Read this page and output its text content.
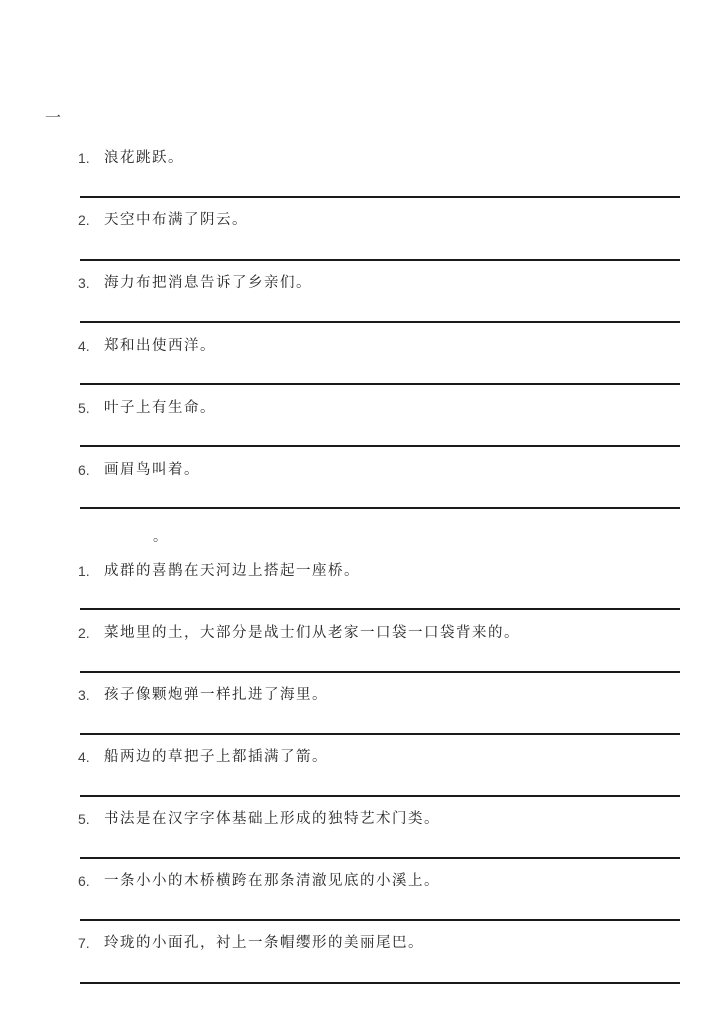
一
1. 浪花跳跃。
2. 天空中布满了阴云。
3. 海力布把消息告诉了乡亲们。
4. 郑和出使西洋。
5. 叶子上有生命。
6. 画眉鸟叫着。
。
1. 成群的喜鹊在天河边上搭起一座桥。
2. 菜地里的土，大部分是战士们从老家一口袋一口袋背来的。
3. 孩子像颗炮弹一样扎进了海里。
4. 船两边的草把子上都插满了箭。
5. 书法是在汉字字体基础上形成的独特艺术门类。
6. 一条小小的木桥横跨在那条清澈见底的小溪上。
7. 玲珑的小面孔，衬上一条帽缨形的美丽尾巴。
